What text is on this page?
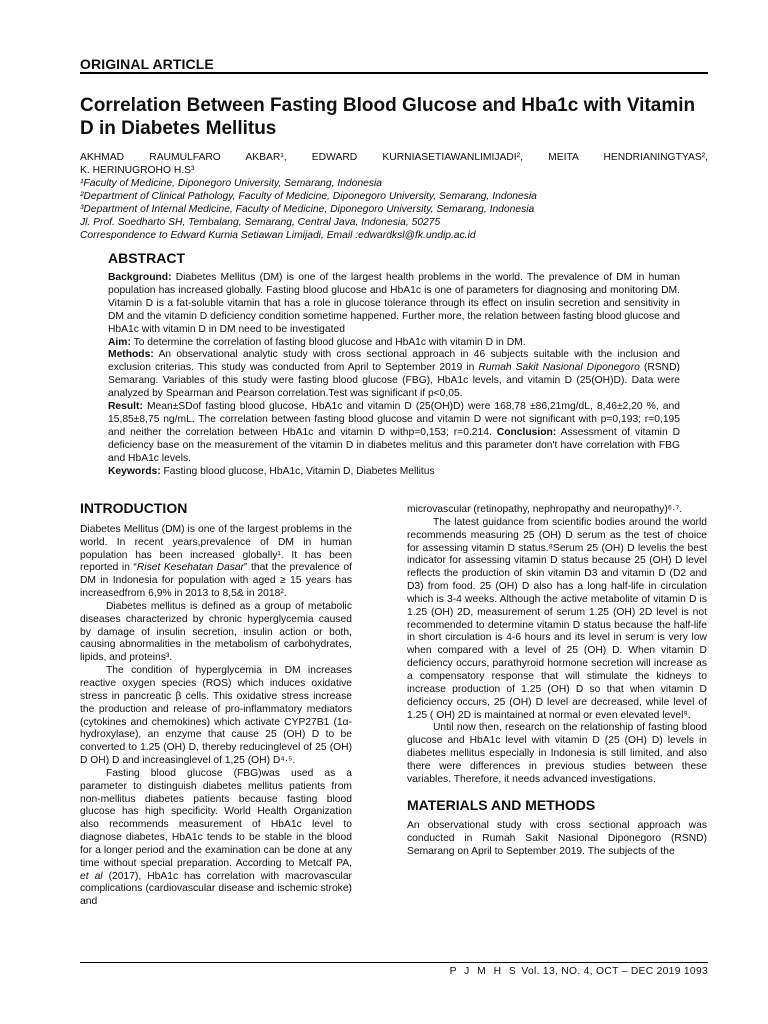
ORIGINAL ARTICLE

Correlation Between Fasting Blood Glucose and Hba1c with Vitamin D in Diabetes Mellitus

AKHMAD RAUMULFARO AKBAR¹, EDWARD KURNIASETIAWANLIMIJADI², MEITA HENDRIANINGTYAS²,

K. HERINUGROHO H.S³

¹Faculty of Medicine, Diponegoro University, Semarang, Indonesia

²Department of Clinical Pathology, Faculty of Medicine, Diponegoro University, Semarang, Indonesia

³Department of Internal Medicine, Faculty of Medicine, Diponegoro University, Semarang, Indonesia

Jl. Prof. Soedharto SH, Tembalang, Semarang, Central Java, Indonesia, 50275

Correspondence to Edward Kurnia Setiawan Limijadi, Email :edwardksl@fk.undip.ac.id

ABSTRACT

Background: Diabetes Mellitus (DM) is one of the largest health problems in the world. The prevalence of DM in human population has increased globally. Fasting blood glucose and HbA1c is one of parameters for diagnosing and monitoring DM. Vitamin D is a fat-soluble vitamin that has a role in glucose tolerance through its effect on insulin secretion and sensitivity in DM and the vitamin D deficiency condition sometime happened. Further more, the relation between fasting blood glucose and HbA1c with vitamin D in DM need to be investigated

Aim: To determine the correlation of fasting blood glucose and HbA1c with vitamin D in DM.

Methods: An observational analytic study with cross sectional approach in 46 subjects suitable with the inclusion and exclusion criterias. This study was conducted from April to September 2019 in Rumah Sakit Nasional Diponegoro (RSND) Semarang. Variables of this study were fasting blood glucose (FBG), HbA1c levels, and vitamin D (25(OH)D). Data were analyzed by Spearman and Pearson correlation.Test was significant if p<0,05.

Result: Mean±SDof fasting blood glucose, HbA1c and vitamin D (25(OH)D) were 168,78 ±86,21mg/dL, 8,46±2,20 %, and 15,85±8,75 ng/mL. The correlation between fasting blood glucose and vitamin D were not significant with p=0,193; r=0,195 and neither the correlation between HbA1c and vitamin D withp=0,153; r=0.214. Conclusion: Assessment of vitamin D deficiency base on the measurement of the vitamin D in diabetes melitus and this parameter don't have correlation with FBG and HbA1c levels.

Keywords: Fasting blood glucose, HbA1c, Vitamin D, Diabetes Mellitus

INTRODUCTION

Diabetes Mellitus (DM) is one of the largest problems in the world. In recent years,prevalence of DM in human population has been increased globally¹. It has been reported in “Riset Kesehatan Dasar” that the prevalence of DM in Indonesia for population with aged ≥ 15 years has increasedfrom 6,9% in 2013 to 8,5& in 2018².

Diabetes mellitus is defined as a group of metabolic diseases characterized by chronic hyperglycemia caused by damage of insulin secretion, insulin action or both, causing abnormalities in the metabolism of carbohydrates, lipids, and proteins³.

The condition of hyperglycemia in DM increases reactive oxygen species (ROS) which induces oxidative stress in pancreatic β cells. This oxidative stress increase the production and release of pro-inflammatory mediators (cytokines and chemokines) which activate CYP27B1 (1α-hydroxylase), an enzyme that cause 25 (OH) D to be converted to 1.25 (OH) D, thereby reducinglevel of 25 (OH) D OH) D and increasinglevel of 1,25 (OH) D⁴·⁵.

Fasting blood glucose (FBG)was used as a parameter to distinguish diabetes mellitus patients from non-mellitus diabetes patients because fasting blood glucose has high specificity. World Health Organization also recommends measurement of HbA1c level to diagnose diabetes, HbA1c tends to be stable in the blood for a longer period and the examination can be done at any time without special preparation. According to Metcalf PA, et al (2017), HbA1c has correlation with macrovascular complications (cardiovascular disease and ischemic stroke) and

microvascular (retinopathy, nephropathy and neuropathy)⁶·⁷.

The latest guidance from scientific bodies around the world recommends measuring 25 (OH) D serum as the test of choice for assessing vitamin D status.⁸Serum 25 (OH) D levelis the best indicator for assessing vitamin D status because 25 (OH) D level reflects the production of skin vitamin D3 and vitamin D (D2 and D3) from food. 25 (OH) D also has a long half-life in circulation which is 3-4 weeks. Although the active metabolite of vitamin D is 1.25 (OH) 2D, measurement of serum 1.25 (OH) 2D level is not recommended to determine vitamin D status because the half-life in short circulation is 4-6 hours and its level in serum is very low when compared with a level of 25 (OH) D. When vitamin D deficiency occurs, parathyroid hormone secretion will increase as a compensatory response that will stimulate the kidneys to increase production of 1.25 (OH) D so that when vitamin D deficiency occurs, 25 (OH) D level are decreased, while level of 1.25 ( OH) 2D is maintained at normal or even elevated level⁹.

Until now then, research on the relationship of fasting blood glucose and HbA1c level with vitamin D (25 (OH) D) levels in diabetes mellitus especially in Indonesia is still limited, and also there were differences in previous studies between these variables. Therefore, it needs advanced investigations.

MATERIALS AND METHODS

An observational study with cross sectional approach was conducted in Rumah Sakit Nasional Diponegoro (RSND) Semarang on April to September 2019. The subjects of the

P J M H S Vol. 13, NO. 4, OCT – DEC 2019 1093
